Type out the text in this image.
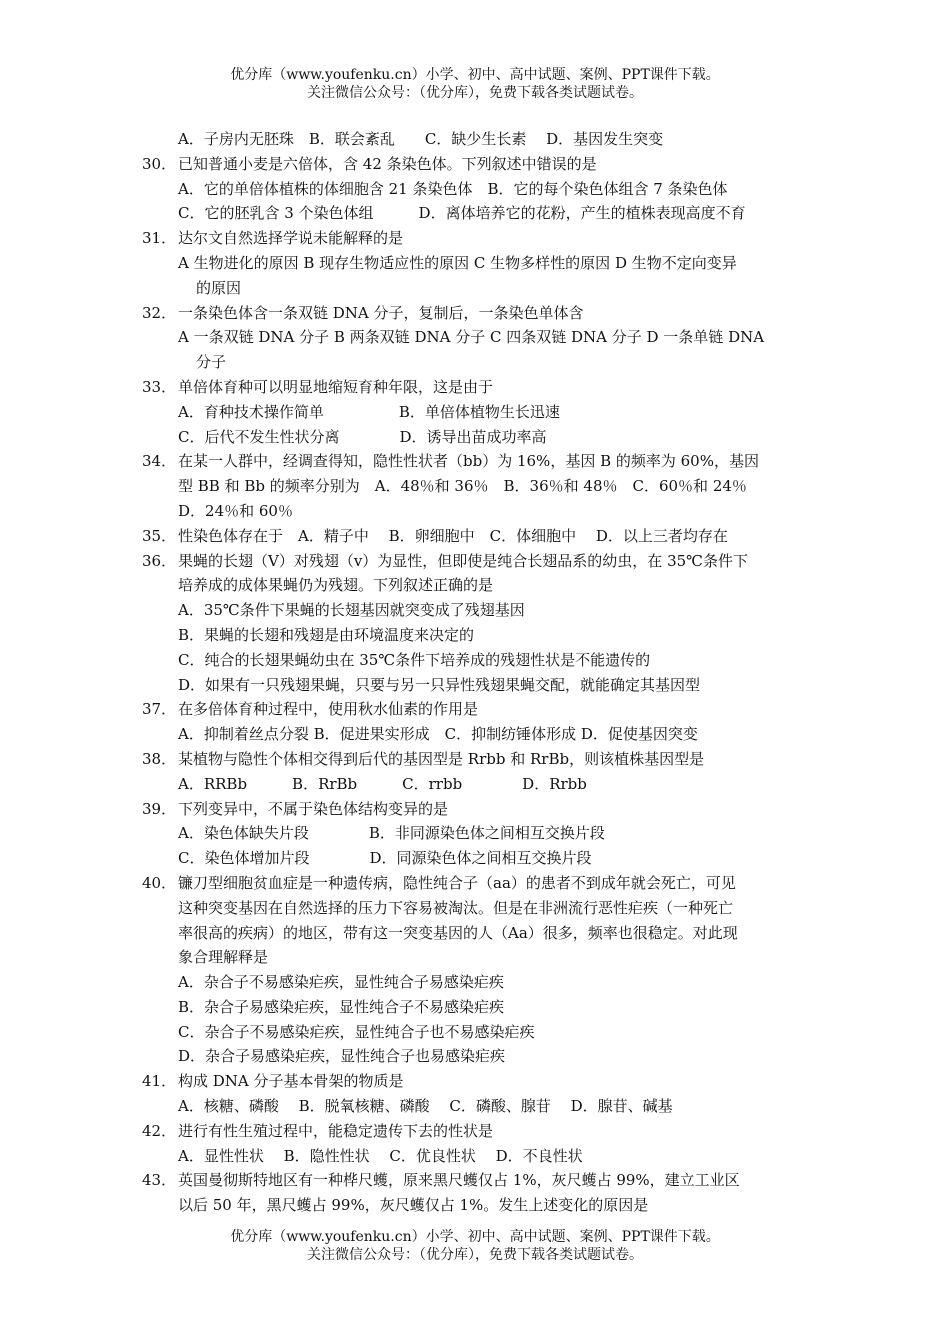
优分库（www.youfenku.cn）小学、初中、高中试题、案例、PPT课件下载。
关注微信公众号：（优分库），免费下载各类试题试卷。
A．子房内无胚珠　B．联会紊乱　　C．缺少生长素　 D．基因发生突变
30． 已知普通小麦是六倍体，含 42 条染色体。下列叙述中错误的是
A．它的单倍体植株的体细胞含 21 条染色体　B．它的每个染色体组含 7 条染色体
C．它的胚乳含 3 个染色体组　　　D．离体培养它的花粉，产生的植株表现高度不育
31． 达尔文自然选择学说未能解释的是
A 生物进化的原因 B 现存生物适应性的原因 C 生物多样性的原因 D 生物不定向变异
的原因
32． 一条染色体含一条双链 DNA 分子，复制后，一条染色单体含
A 一条双链 DNA 分子 B 两条双链 DNA 分子 C 四条双链 DNA 分子 D 一条单链 DNA
分子
33． 单倍体育种可以明显地缩短育种年限，这是由于
A．育种技术操作简单　　　　　B．单倍体植物生长迅速
C．后代不发生性状分离　　　　D．诱导出苗成功率高
34． 在某一人群中，经调查得知，隐性性状者（bb）为 16%，基因 B 的频率为 60%，基因
型 BB 和 Bb 的频率分别为　A．48％和 36％　B．36％和 48％　C．60％和 24％
D．24％和 60％
35． 性染色体存在于　A．精子中　 B．卵细胞中　C．体细胞中　 D．以上三者均存在
36． 果蝇的长翅（V）对残翅（v）为显性，但即使是纯合长翅品系的幼虫，在 35℃条件下
培养成的成体果蝇仍为残翅。下列叙述正确的是
A．35℃条件下果蝇的长翅基因就突变成了残翅基因
B．果蝇的长翅和残翅是由环境温度来决定的
C．纯合的长翅果蝇幼虫在 35℃条件下培养成的残翅性状是不能遗传的
D．如果有一只残翅果蝇，只要与另一只异性残翅果蝇交配，就能确定其基因型
37． 在多倍体育种过程中，使用秋水仙素的作用是
A．抑制着丝点分裂 B．促进果实形成　C．抑制纺锤体形成 D．促使基因突变
38． 某植物与隐性个体相交得到后代的基因型是 Rrbb 和 RrBb，则该植株基因型是
A．RRBb　　　B．RrBb　　　C．rrbb　　　　D．Rrbb
39． 下列变异中，不属于染色体结构变异的是
A．染色体缺失片段　　　　B．非同源染色体之间相互交换片段
C．染色体增加片段　　　　D．同源染色体之间相互交换片段
40． 镰刀型细胞贫血症是一种遗传病，隐性纯合子（aa）的患者不到成年就会死亡，可见
这种突变基因在自然选择的压力下容易被淘汰。但是在非洲流行恶性疟疾（一种死亡
率很高的疾病）的地区，带有这一突变基因的人（Aa）很多，频率也很稳定。对此现
象合理解释是
A．杂合子不易感染疟疾，显性纯合子易感染疟疾
B．杂合子易感染疟疾，显性纯合子不易感染疟疾
C．杂合子不易感染疟疾，显性纯合子也不易感染疟疾
D．杂合子易感染疟疾，显性纯合子也易感染疟疾
41． 构成 DNA 分子基本骨架的物质是
A．核糖、磷酸　 B．脱氧核糖、磷酸　 C．磷酸、腺苷　 D．腺苷、碱基
42． 进行有性生殖过程中，能稳定遗传下去的性状是
A．显性性状　 B．隐性性状　 C．优良性状　 D．不良性状
43． 英国曼彻斯特地区有一种桦尺蠖，原来黑尺蠖仅占 1%，灰尺蠖占 99%，建立工业区
以后 50 年，黑尺蠖占 99%，灰尺蠖仅占 1%。发生上述变化的原因是
优分库（www.youfenku.cn）小学、初中、高中试题、案例、PPT课件下载。
关注微信公众号：（优分库），免费下载各类试题试卷。
